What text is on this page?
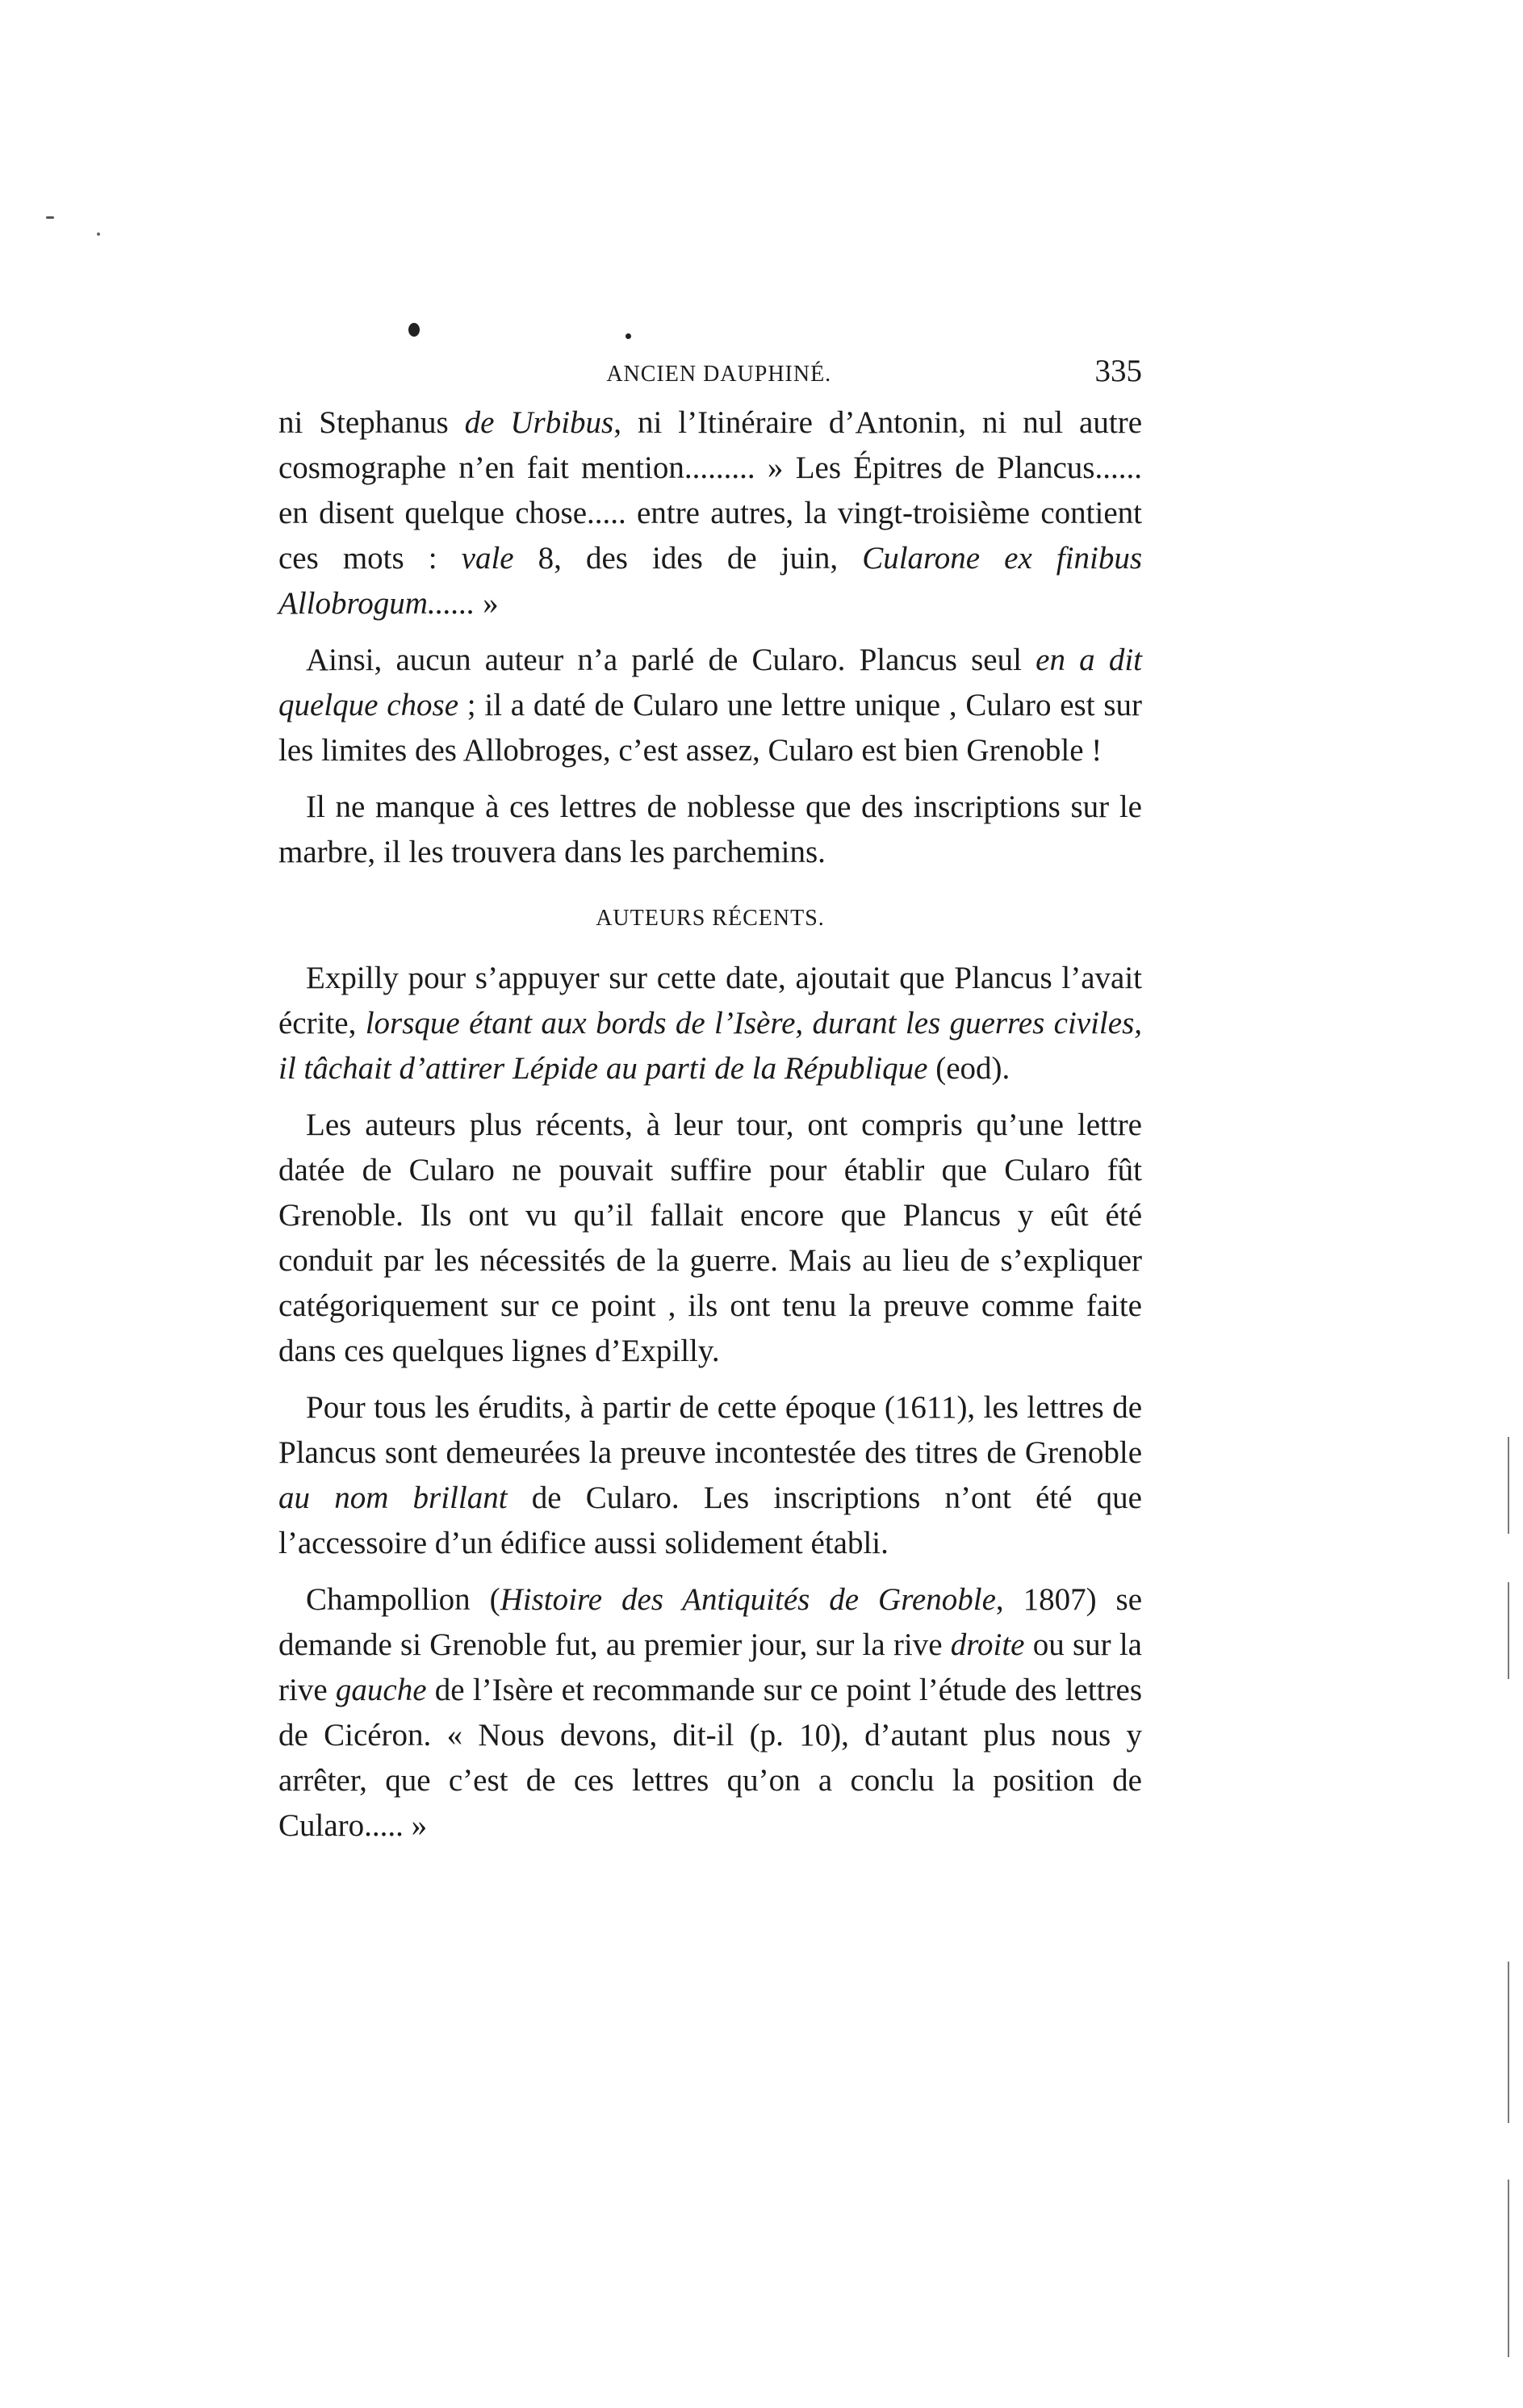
ANCIEN DAUPHINÉ.	335

ni Stephanus de Urbibus, ni l’Itinéraire d’Antonin, ni nul autre cosmographe n’en fait mention......... » Les Épitres de Plancus...... en disent quelque chose..... entre autres, la vingt-troisième contient ces mots : vale 8, des ides de juin, Cularone ex finibus Allobrogum...... »

Ainsi, aucun auteur n’a parlé de Cularo. Plancus seul en a dit quelque chose ; il a daté de Cularo une lettre unique , Cularo est sur les limites des Allobroges, c’est assez, Cularo est bien Grenoble !

Il ne manque à ces lettres de noblesse que des inscriptions sur le marbre, il les trouvera dans les parchemins.

AUTEURS RÉCENTS.

Expilly pour s’appuyer sur cette date, ajoutait que Plancus l’avait écrite, lorsque étant aux bords de l’Isère, durant les guerres civiles, il tâchait d’attirer Lépide au parti de la République (eod).

Les auteurs plus récents, à leur tour, ont compris qu’une lettre datée de Cularo ne pouvait suffire pour établir que Cularo fût Grenoble. Ils ont vu qu’il fallait encore que Plancus y eût été conduit par les nécessités de la guerre. Mais au lieu de s’expliquer catégoriquement sur ce point , ils ont tenu la preuve comme faite dans ces quelques lignes d’Expilly.

Pour tous les érudits, à partir de cette époque (1611), les lettres de Plancus sont demeurées la preuve incontestée des titres de Grenoble au nom brillant de Cularo. Les inscriptions n’ont été que l’accessoire d’un édifice aussi solidement établi.

Champollion (Histoire des Antiquités de Grenoble, 1807) se demande si Grenoble fut, au premier jour, sur la rive droite ou sur la rive gauche de l’Isère et recommande sur ce point l’étude des lettres de Cicéron. « Nous devons, dit-il (p. 10), d’autant plus nous y arrêter, que c’est de ces lettres qu’on a conclu la position de Cularo..... »
